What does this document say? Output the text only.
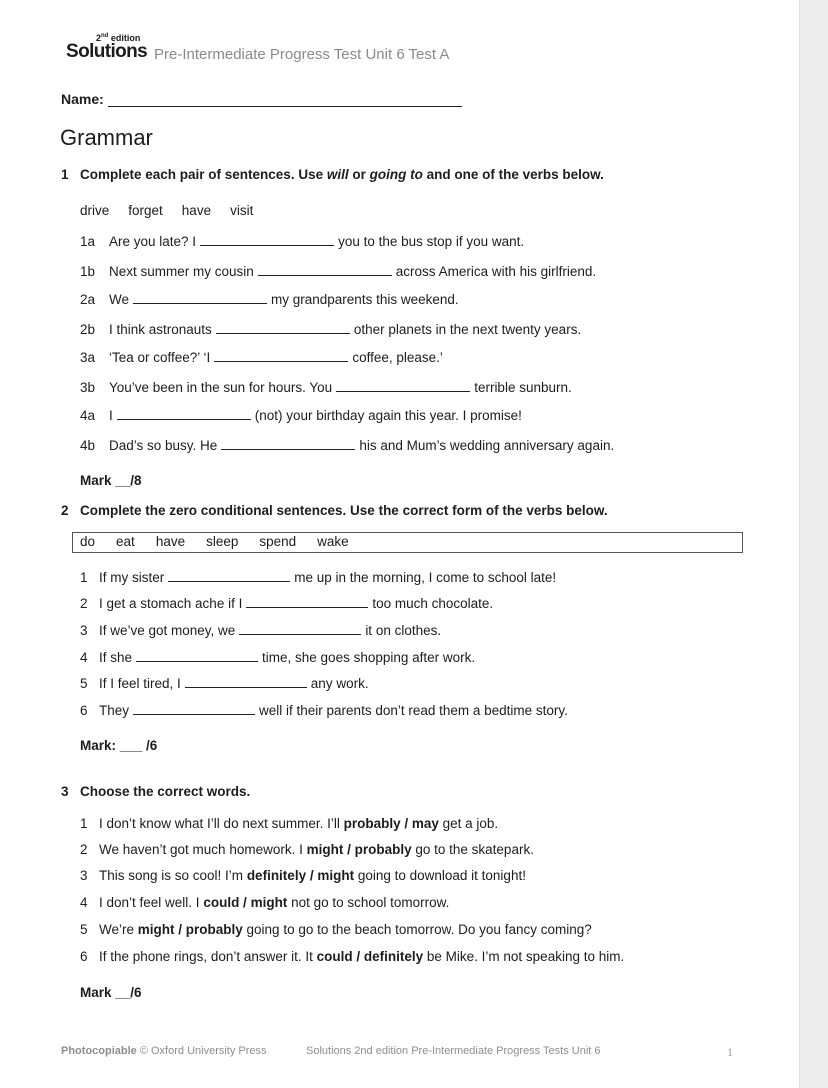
2nd edition
Solutions Pre-Intermediate Progress Test Unit 6 Test A
Name:
Grammar
1 Complete each pair of sentences. Use will or going to and one of the verbs below.
drive forget have visit
1a Are you late? I	you to the bus stop if you want.
1b Next summer my cousin	across America with his girlfriend.
2a We	my grandparents this weekend.
2b I think astronauts	other planets in the next twenty years.
3a ‘Tea or coffee?’ ‘I	coffee, please.’
3b You’ve been in the sun for hours. You	terrible sunburn.
4a I	(not) your birthday again this year. I promise!
4b Dad’s so busy. He	his and Mum’s wedding anniversary again.
Mark __/8
2 Complete the zero conditional sentences. Use the correct form of the verbs below.
do eat have sleep spend wake
1 If my sister	me up in the morning, I come to school late!
2 I get a stomach ache if I	too much chocolate.
3 If we’ve got money, we	it on clothes.
4 If she	time, she goes shopping after work.
5 If I feel tired, I	any work.
6 They	well if their parents don’t read them a bedtime story.
Mark: ___ /6
3 Choose the correct words.
1 I don’t know what I’ll do next summer. I’ll probably / may get a job.
2 We haven’t got much homework. I might / probably go to the skatepark.
3 This song is so cool! I’m definitely / might going to download it tonight!
4 I don’t feel well. I could / might not go to school tomorrow.
5 We’re might / probably going to go to the beach tomorrow. Do you fancy coming?
6 If the phone rings, don’t answer it. It could / definitely be Mike. I’m not speaking to him.
Mark __/6
Photocopiable © Oxford University Press	Solutions 2nd edition Pre-Intermediate Progress Tests Unit 6	1
